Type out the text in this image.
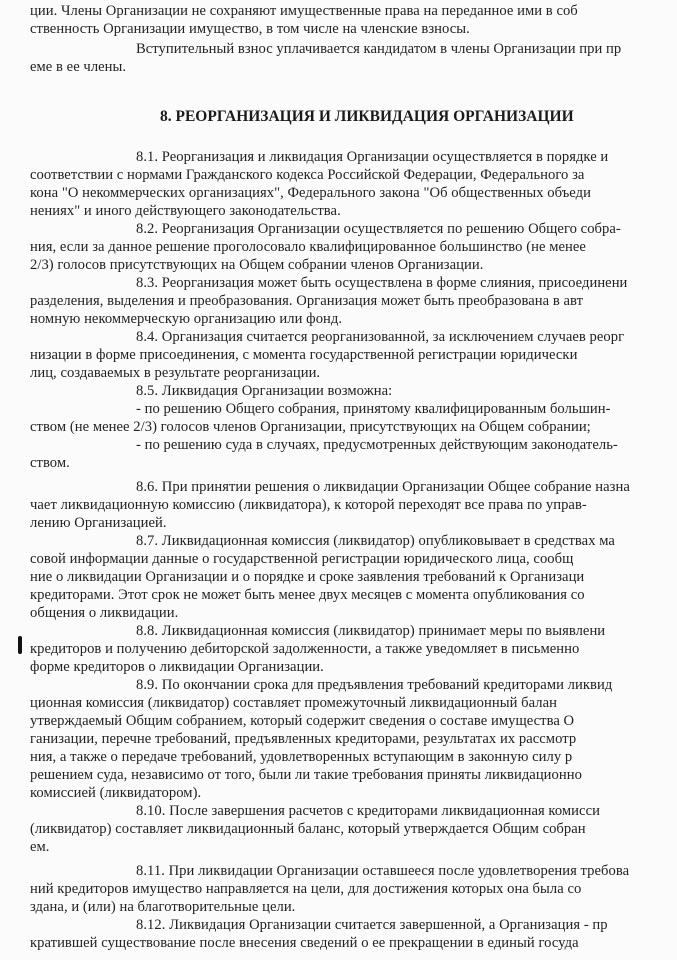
ции. Члены Организации не сохраняют имущественные права на переданное ими в соб
ственность Организации имущество, в том числе на членские взносы.
Вступительный взнос уплачивается кандидатом в члены Организации при пр
еме в ее члены.
8. РЕОРГАНИЗАЦИЯ И ЛИКВИДАЦИЯ ОРГАНИЗАЦИИ
8.1. Реорганизация и ликвидация Организации осуществляется в порядке и
соответствии с нормами Гражданского кодекса Российской Федерации, Федерального за
кона "О некоммерческих организациях", Федерального закона "Об общественных объеди
нениях" и иного действующего законодательства.
8.2. Реорганизация Организации осуществляется по решению Общего собра-
ния, если за данное решение проголосовало квалифицированное большинство (не менее
2/3) голосов присутствующих на Общем собрании членов Организации.
8.3. Реорганизация может быть осуществлена в форме слияния, присоединени
разделения, выделения и преобразования. Организация может быть преобразована в авт
номную некоммерческую организацию или фонд.
8.4. Организация считается реорганизованной, за исключением случаев реорг
низации в форме присоединения, с момента государственной регистрации юридически
лиц, создаваемых в результате реорганизации.
8.5. Ликвидация Организации возможна:
- по решению Общего собрания, принятому квалифицированным большин-
ством (не менее 2/3) голосов членов Организации, присутствующих на Общем собрании;
- по решению суда в случаях, предусмотренных действующим законодатель-
ством.
8.6. При принятии решения о ликвидации Организации Общее собрание назна
чает ликвидационную комиссию (ликвидатора), к которой переходят все права по управ-
лению Организацией.
8.7. Ликвидационная комиссия (ликвидатор) опубликовывает в средствах ма
совой информации данные о государственной регистрации юридического лица, сообщ
ние о ликвидации Организации и о порядке и сроке заявления требований к Организаци
кредиторами. Этот срок не может быть менее двух месяцев с момента опубликования со
общения о ликвидации.
8.8. Ликвидационная комиссия (ликвидатор) принимает меры по выявлени
кредиторов и получению дебиторской задолженности, а также уведомляет в письменно
форме кредиторов о ликвидации Организации.
8.9. По окончании срока для предъявления требований кредиторами ликвид
ционная комиссия (ликвидатор) составляет промежуточный ликвидационный балан
утверждаемый Общим собранием, который содержит сведения о составе имущества О
ганизации, перечне требований, предъявленных кредиторами, результатах их рассмотр
ния, а также о передаче требований, удовлетворенных вступающим в законную силу р
решением суда, независимо от того, были ли такие требования приняты ликвидационно
комиссией (ликвидатором).
8.10. После завершения расчетов с кредиторами ликвидационная комисси
(ликвидатор) составляет ликвидационный баланс, который утверждается Общим собран
ем.
8.11. При ликвидации Организации оставшееся после удовлетворения требова
ний кредиторов имущество направляется на цели, для достижения которых она была со
здана, и (или) на благотворительные цели.
8.12. Ликвидация Организации считается завершенной, а Организация - пр
кратившей существование после внесения сведений о ее прекращении в единый госуда
